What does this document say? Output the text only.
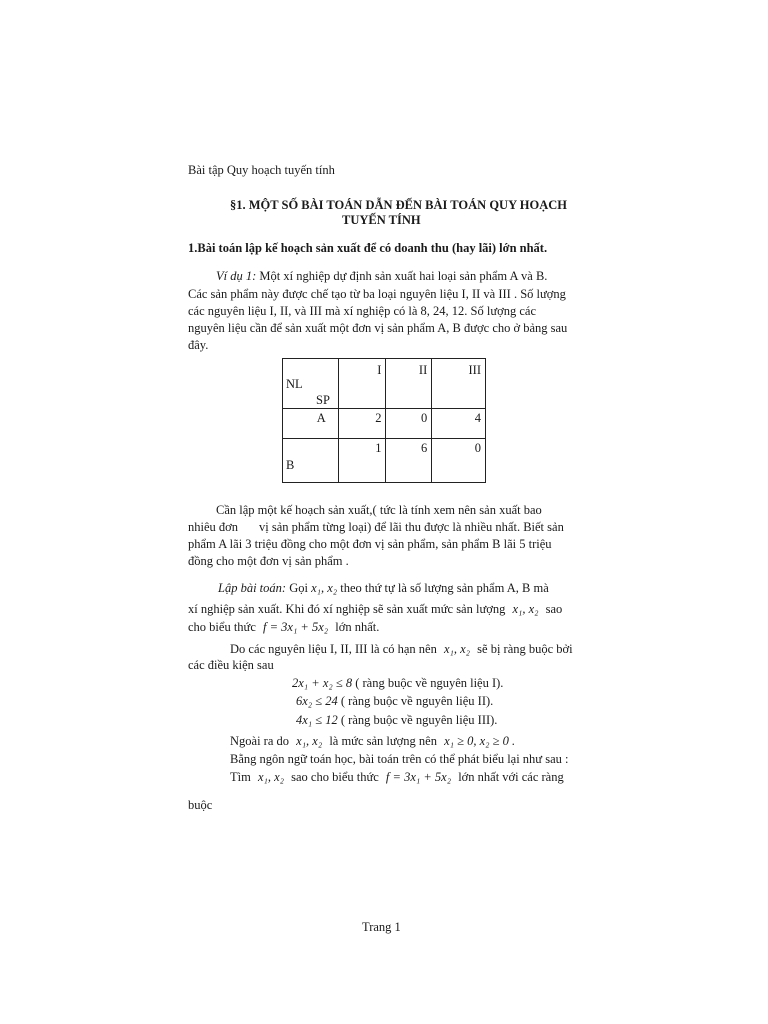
Bài tập Quy hoạch tuyến tính
§1. MỘT SỐ BÀI TOÁN DẪN ĐẾN BÀI TOÁN QUY HOẠCH
TUYẾN TÍNH
1.Bài toán lập kế hoạch sản xuất để có doanh thu (hay lãi) lớn nhất.
Ví dụ 1: Một xí nghiệp dự định sản xuất hai loại sản phẩm A và B.
Các sản phẩm này được chế tạo từ ba loại nguyên liệu I, II và III . Số lượng
các nguyên liệu I, II, và III mà xí nghiệp có là 8, 24, 12. Số lượng các
nguyên liệu cần để sản xuất một đơn vị sản phẩm A, B được cho ở bảng sau
đây.
NL
SP	I	II	III

A	2	0	4

B	1	6	0
Cần lập một kế hoạch sản xuất,( tức là tính xem nên sản xuất bao
nhiêu đơn vị sản phẩm từng loại) để lãi thu được là nhiều nhất. Biết sản
phẩm A lãi 3 triệu đồng cho một đơn vị sản phẩm, sản phẩm B lãi 5 triệu
đồng cho một đơn vị sản phẩm .
Lập bài toán: Gọi x₁, x₂ theo thứ tự là số lượng sản phẩm A, B mà
xí nghiệp sản xuất. Khi đó xí nghiệp sẽ sản xuất mức sản lượng x₁, x₂ sao
cho biểu thức f = 3x₁ + 5x₂ lớn nhất.
Do các nguyên liệu I, II, III là có hạn nên x₁, x₂ sẽ bị ràng buộc bởi
các điều kiện sau
2x₁ + x₂ ≤ 8 ( ràng buộc về nguyên liệu I).
6x₂ ≤ 24 ( ràng buộc về nguyên liệu II).
4x₁ ≤ 12 ( ràng buộc về nguyên liệu III).
Ngoài ra do x₁, x₂ là mức sản lượng nên x₁ ≥ 0, x₂ ≥ 0 .
Bằng ngôn ngữ toán học, bài toán trên có thể phát biểu lại như sau :
Tìm x₁, x₂ sao cho biểu thức f = 3x₁ + 5x₂ lớn nhất với các ràng
buộc
Trang 1
